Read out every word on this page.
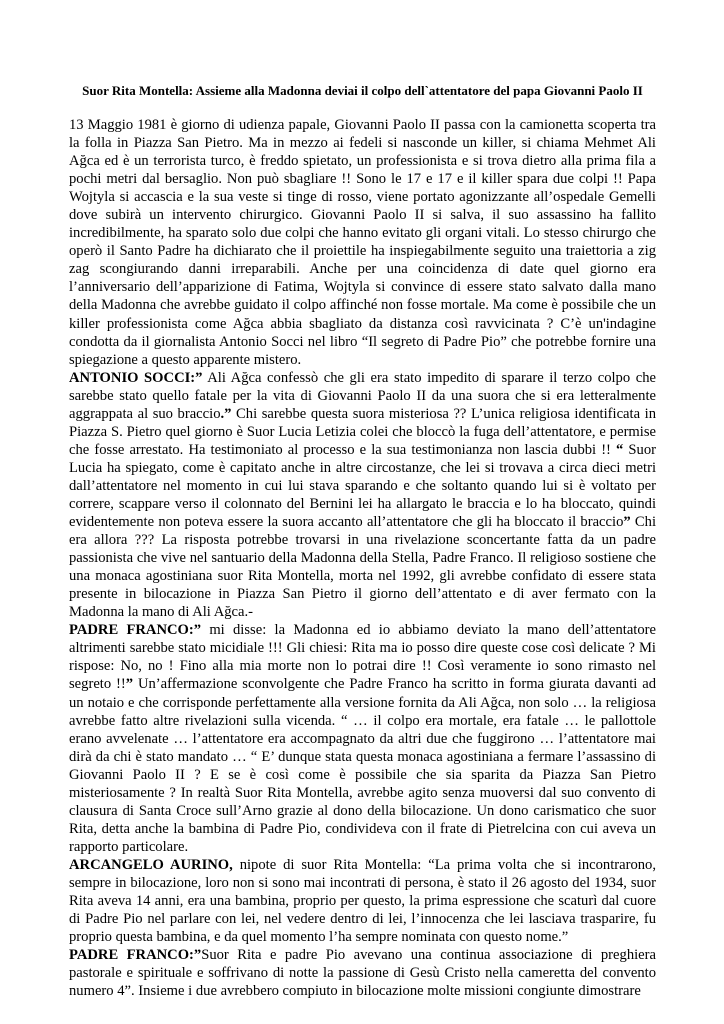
Suor Rita Montella: Assieme alla Madonna deviai il colpo dell`attentatore del papa Giovanni Paolo II

13 Maggio 1981 è giorno di udienza papale, Giovanni Paolo II passa con la camionetta scoperta tra la folla in Piazza San Pietro. Ma in mezzo ai fedeli si nasconde un killer, si chiama Mehmet Ali Ağca ed è un terrorista turco, è freddo spietato, un professionista e si trova dietro alla prima fila a pochi metri dal bersaglio. Non può sbagliare !! Sono le 17 e 17 e il killer spara due colpi !! Papa Wojtyla si accascia e la sua veste si tinge di rosso, viene portato agonizzante all’ospedale Gemelli dove subirà un intervento chirurgico. Giovanni Paolo II si salva, il suo assassino ha fallito incredibilmente, ha sparato solo due colpi che hanno evitato gli organi vitali. Lo stesso chirurgo che operò il Santo Padre ha dichiarato che il proiettile ha inspiegabilmente seguito una traiettoria a zig zag scongiurando danni irreparabili. Anche per una coincidenza di date quel giorno era l’anniversario dell’apparizione di Fatima, Wojtyla si convince di essere stato salvato dalla mano della Madonna che avrebbe guidato il colpo affinché non fosse mortale. Ma come è possibile che un killer professionista come Ağca abbia sbagliato da distanza così ravvicinata ? C’è un'indagine condotta da il giornalista Antonio Socci nel libro “Il segreto di Padre Pio” che potrebbe fornire una spiegazione a questo apparente mistero.

ANTONIO SOCCI:” Ali Ağca confessò che gli era stato impedito di sparare il terzo colpo che sarebbe stato quello fatale per la vita di Giovanni Paolo II da una suora che si era letteralmente aggrappata al suo braccio.” Chi sarebbe questa suora misteriosa ?? L’unica religiosa identificata in Piazza S. Pietro quel giorno è Suor Lucia Letizia colei che bloccò la fuga dell’attentatore, e permise che fosse arrestato. Ha testimoniato al processo e la sua testimonianza non lascia dubbi !! “ Suor Lucia ha spiegato, come è capitato anche in altre circostanze, che lei si trovava a circa dieci metri dall’attentatore nel momento in cui lui stava sparando e che soltanto quando lui si è voltato per correre, scappare verso il colonnato del Bernini lei ha allargato le braccia e lo ha bloccato, quindi evidentemente non poteva essere la suora accanto all’attentatore che gli ha bloccato il braccio” Chi era allora ??? La risposta potrebbe trovarsi in una rivelazione sconcertante fatta da un padre passionista che vive nel santuario della Madonna della Stella, Padre Franco. Il religioso sostiene che una monaca agostiniana suor Rita Montella, morta nel 1992, gli avrebbe confidato di essere stata presente in bilocazione in Piazza San Pietro il giorno dell’attentato e di aver fermato con la Madonna la mano di Ali Ağca.-

PADRE FRANCO:” mi disse: la Madonna ed io abbiamo deviato la mano dell’attentatore altrimenti sarebbe stato micidiale !!! Gli chiesi: Rita ma io posso dire queste cose così delicate ? Mi rispose: No, no ! Fino alla mia morte non lo potrai dire !! Così veramente io sono rimasto nel segreto !!” Un’affermazione sconvolgente che Padre Franco ha scritto in forma giurata davanti ad un notaio e che corrisponde perfettamente alla versione fornita da Ali Ağca, non solo … la religiosa avrebbe fatto altre rivelazioni sulla vicenda. “ … il colpo era mortale, era fatale … le pallottole erano avvelenate … l’attentatore era accompagnato da altri due che fuggirono … l’attentatore mai dirà da chi è stato mandato … “ E’ dunque stata questa monaca agostiniana a fermare l’assassino di Giovanni Paolo II ? E se è così come è possibile che sia sparita da Piazza San Pietro misteriosamente ? In realtà Suor Rita Montella, avrebbe agito senza muoversi dal suo convento di clausura di Santa Croce sull’Arno grazie al dono della bilocazione. Un dono carismatico che suor Rita, detta anche la bambina di Padre Pio, condivideva con il frate di Pietrelcina con cui aveva un rapporto particolare.

ARCANGELO AURINO, nipote di suor Rita Montella: “La prima volta che si incontrarono, sempre in bilocazione, loro non si sono mai incontrati di persona, è stato il 26 agosto del 1934, suor Rita aveva 14 anni, era una bambina, proprio per questo, la prima espressione che scaturì dal cuore di Padre Pio nel parlare con lei, nel vedere dentro di lei, l’innocenza che lei lasciava trasparire, fu proprio questa bambina, e da quel momento l’ha sempre nominata con questo nome.”

PADRE FRANCO:”Suor Rita e padre Pio avevano una continua associazione di preghiera pastorale e spirituale e soffrivano di notte la passione di Gesù Cristo nella cameretta del convento numero 4”. Insieme i due avrebbero compiuto in bilocazione molte missioni congiunte dimostrare
